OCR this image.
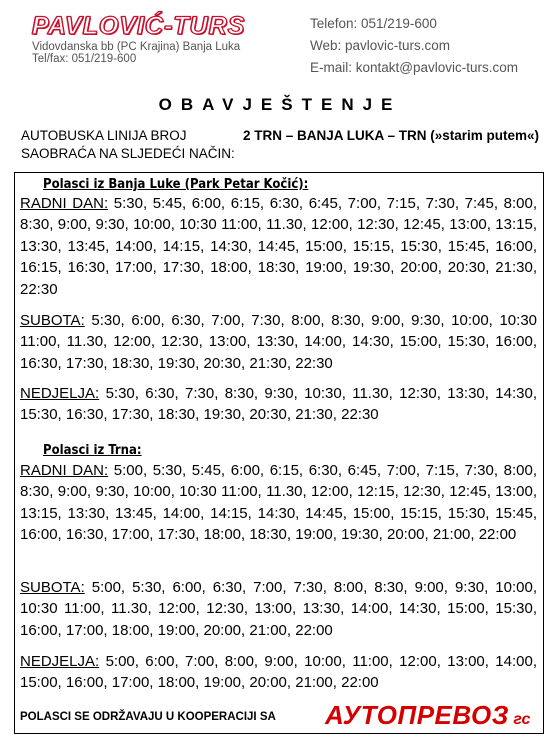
PAVLOVIĆ-TURS
Vidovdanska bb (PC Krajina) Banja Luka
Tel/fax: 051/219-600
Telefon: 051/219-600
Web: pavlovic-turs.com
E-mail: kontakt@pavlovic-turs.com
OBAVJEŠTENJE
AUTOBUSKA LINIJA BROJ	2 TRN – BANJA LUKA – TRN (»starim putem«)
SAOBRAĆA NA SLJEDEĆI NAČIN:
Polasci iz Banja Luke (Park Petar Kočić):
RADNI DAN: 5:30, 5:45, 6:00, 6:15, 6:30, 6:45, 7:00, 7:15, 7:30, 7:45, 8:00, 8:30, 9:00, 9:30, 10:00, 10:30 11:00, 11.30, 12:00, 12:30, 12:45, 13:00, 13:15, 13:30, 13:45, 14:00, 14:15, 14:30, 14:45, 15:00, 15:15, 15:30, 15:45, 16:00, 16:15, 16:30, 17:00, 17:30, 18:00, 18:30, 19:00, 19:30, 20:00, 20:30, 21:30, 22:30
SUBOTA: 5:30, 6:00, 6:30, 7:00, 7:30, 8:00, 8:30, 9:00, 9:30, 10:00, 10:30 11:00, 11.30, 12:00, 12:30, 13:00, 13:30, 14:00, 14:30, 15:00, 15:30, 16:00, 16:30, 17:30, 18:30, 19:30, 20:30, 21:30, 22:30
NEDJELJA: 5:30, 6:30, 7:30, 8:30, 9:30, 10:30, 11.30, 12:30, 13:30, 14:30, 15:30, 16:30, 17:30, 18:30, 19:30, 20:30, 21:30, 22:30
Polasci iz Trna:
RADNI DAN: 5:00, 5:30, 5:45, 6:00, 6:15, 6:30, 6:45, 7:00, 7:15, 7:30, 8:00, 8:30, 9:00, 9:30, 10:00, 10:30 11:00, 11.30, 12:00, 12:15, 12:30, 12:45, 13:00, 13:15, 13:30, 13:45, 14:00, 14:15, 14:30, 14:45, 15:00, 15:15, 15:30, 15:45, 16:00, 16:30, 17:00, 17:30, 18:00, 18:30, 19:00, 19:30, 20:00, 21:00, 22:00
SUBOTA: 5:00, 5:30, 6:00, 6:30, 7:00, 7:30, 8:00, 8:30, 9:00, 9:30, 10:00, 10:30 11:00, 11.30, 12:00, 12:30, 13:00, 13:30, 14:00, 14:30, 15:00, 15:30, 16:00, 17:00, 18:00, 19:00, 20:00, 21:00, 22:00
NEDJELJA: 5:00, 6:00, 7:00, 8:00, 9:00, 10:00, 11:00, 12:00, 13:00, 14:00, 15:00, 16:00, 17:00, 18:00, 19:00, 20:00, 21:00, 22:00
POLASCI SE ODRŽAVAJU U KOOPERACIJI SA АУТОПРЕВОЗ гс
